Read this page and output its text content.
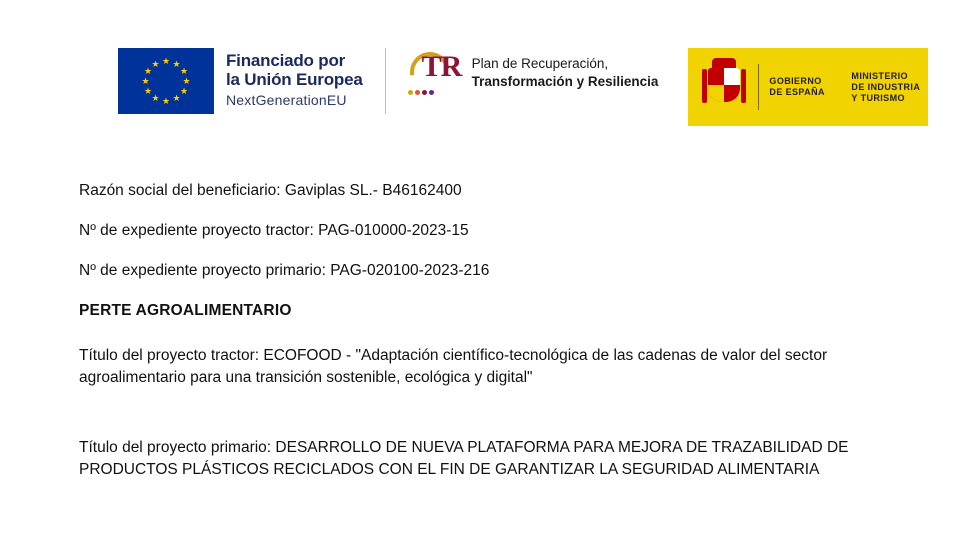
★ ★
★
★
★
★
★
★
★
★
★
★	Financiado por
la Unión Europea
NextGenerationEU
TR Plan de Recuperación,
Transformación y Resiliencia	GOBIERNO
DE ESPAÑA
MINISTERIO
DE INDUSTRIA
Y TURISMO
Razón social del beneficiario: Gaviplas SL.- B46162400
Nº de expediente proyecto tractor: PAG-010000-2023-15
Nº de expediente proyecto primario: PAG-020100-2023-216
PERTE AGROALIMENTARIO
Título del proyecto tractor: ECOFOOD - "Adaptación científico-tecnológica de las cadenas de valor del sector agroalimentario para una transición sostenible, ecológica y digital"
Título del proyecto primario: DESARROLLO DE NUEVA PLATAFORMA PARA MEJORA DE TRAZABILIDAD DE PRODUCTOS PLÁSTICOS RECICLADOS CON EL FIN DE GARANTIZAR LA SEGURIDAD ALIMENTARIA
